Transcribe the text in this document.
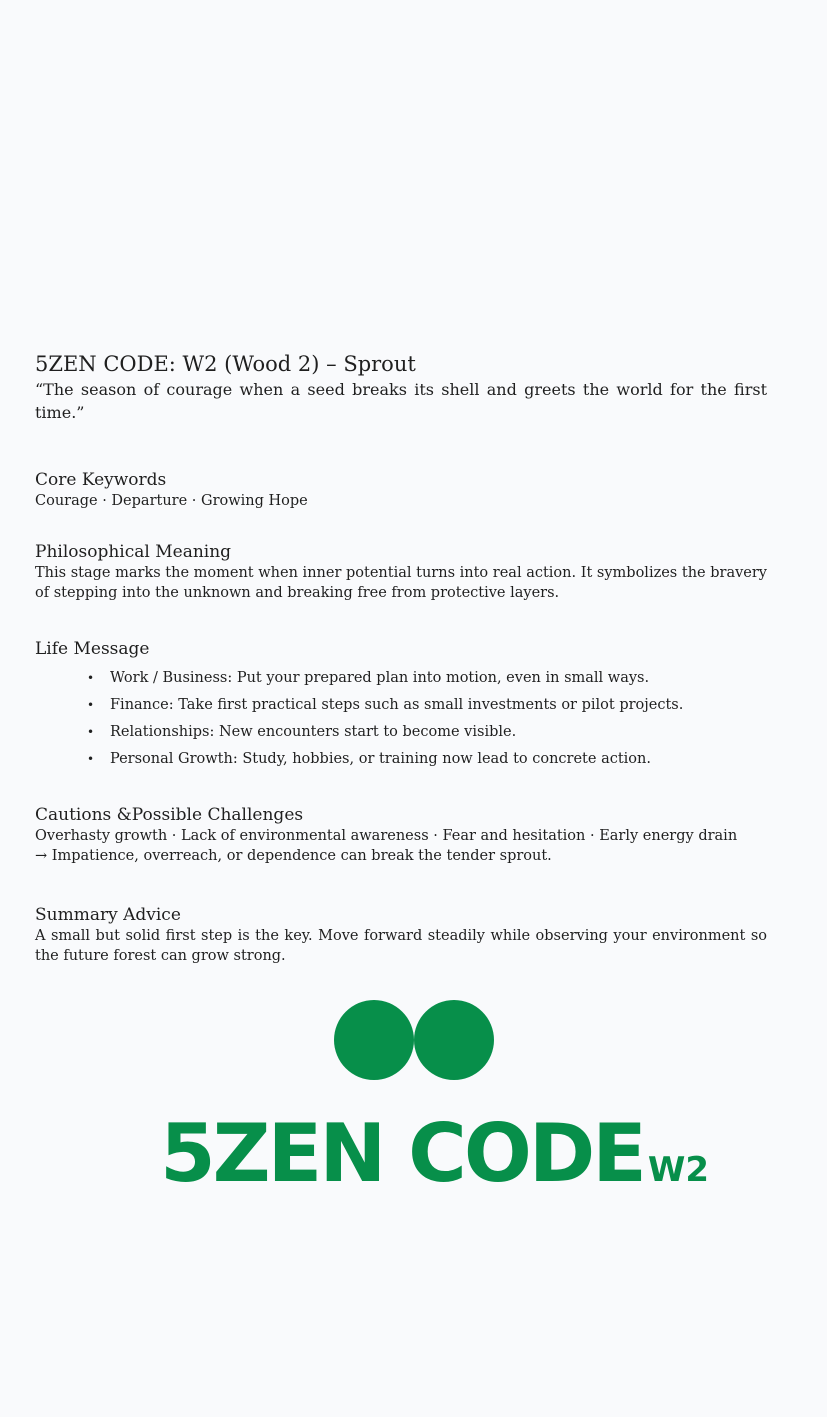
5ZEN CODE: W2 (Wood 2) – Sprout

“The season of courage when a seed breaks its shell and greets the world for the first time.”

Core Keywords

Courage · Departure · Growing Hope

Philosophical Meaning

This stage marks the moment when inner potential turns into real action. It symbolizes the bravery of stepping into the unknown and breaking free from protective layers.

Life Message
• Work / Business: Put your prepared plan into motion, even in small ways.
• Finance: Take first practical steps such as small investments or pilot projects.
• Relationships: New encounters start to become visible.
• Personal Growth: Study, hobbies, or training now lead to concrete action.
Cautions &Possible Challenges

Overhasty growth · Lack of environmental awareness · Fear and hesitation · Early energy drain

→ Impatience, overreach, or dependence can break the tender sprout.

Summary Advice

A small but solid first step is the key. Move forward steadily while observing your environment so the future forest can grow strong.

5ZEN CODE W2
